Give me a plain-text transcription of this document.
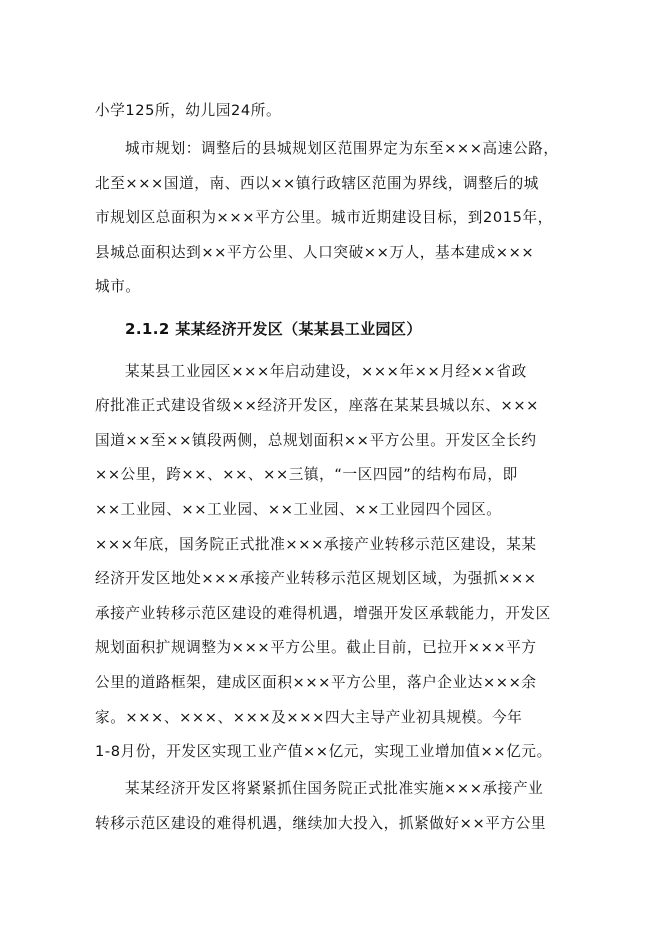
小学125所，幼儿园24所。
城市规划：调整后的县城规划区范围界定为东至×××高速公路，
北至×××国道，南、西以××镇行政辖区范围为界线，调整后的城
市规划区总面积为×××平方公里。城市近期建设目标，到2015年，
县城总面积达到××平方公里、人口突破××万人，基本建成×××
城市。
2.1.2 某某经济开发区（某某县工业园区）
某某县工业园区×××年启动建设，×××年××月经××省政
府批准正式建设省级××经济开发区，座落在某某县城以东、×××
国道××至××镇段两侧，总规划面积××平方公里。开发区全长约
××公里，跨××、××、××三镇，“一区四园”的结构布局，即
××工业园、××工业园、××工业园、××工业园四个园区。
×××年底，国务院正式批准×××承接产业转移示范区建设，某某
经济开发区地处×××承接产业转移示范区规划区域，为强抓×××
承接产业转移示范区建设的难得机遇，增强开发区承载能力，开发区
规划面积扩规调整为×××平方公里。截止目前，已拉开×××平方
公里的道路框架，建成区面积×××平方公里，落户企业达×××余
家。×××、×××、×××及×××四大主导产业初具规模。今年
1-8月份，开发区实现工业产值××亿元，实现工业增加值××亿元。
某某经济开发区将紧紧抓住国务院正式批准实施×××承接产业
转移示范区建设的难得机遇，继续加大投入，抓紧做好××平方公里
